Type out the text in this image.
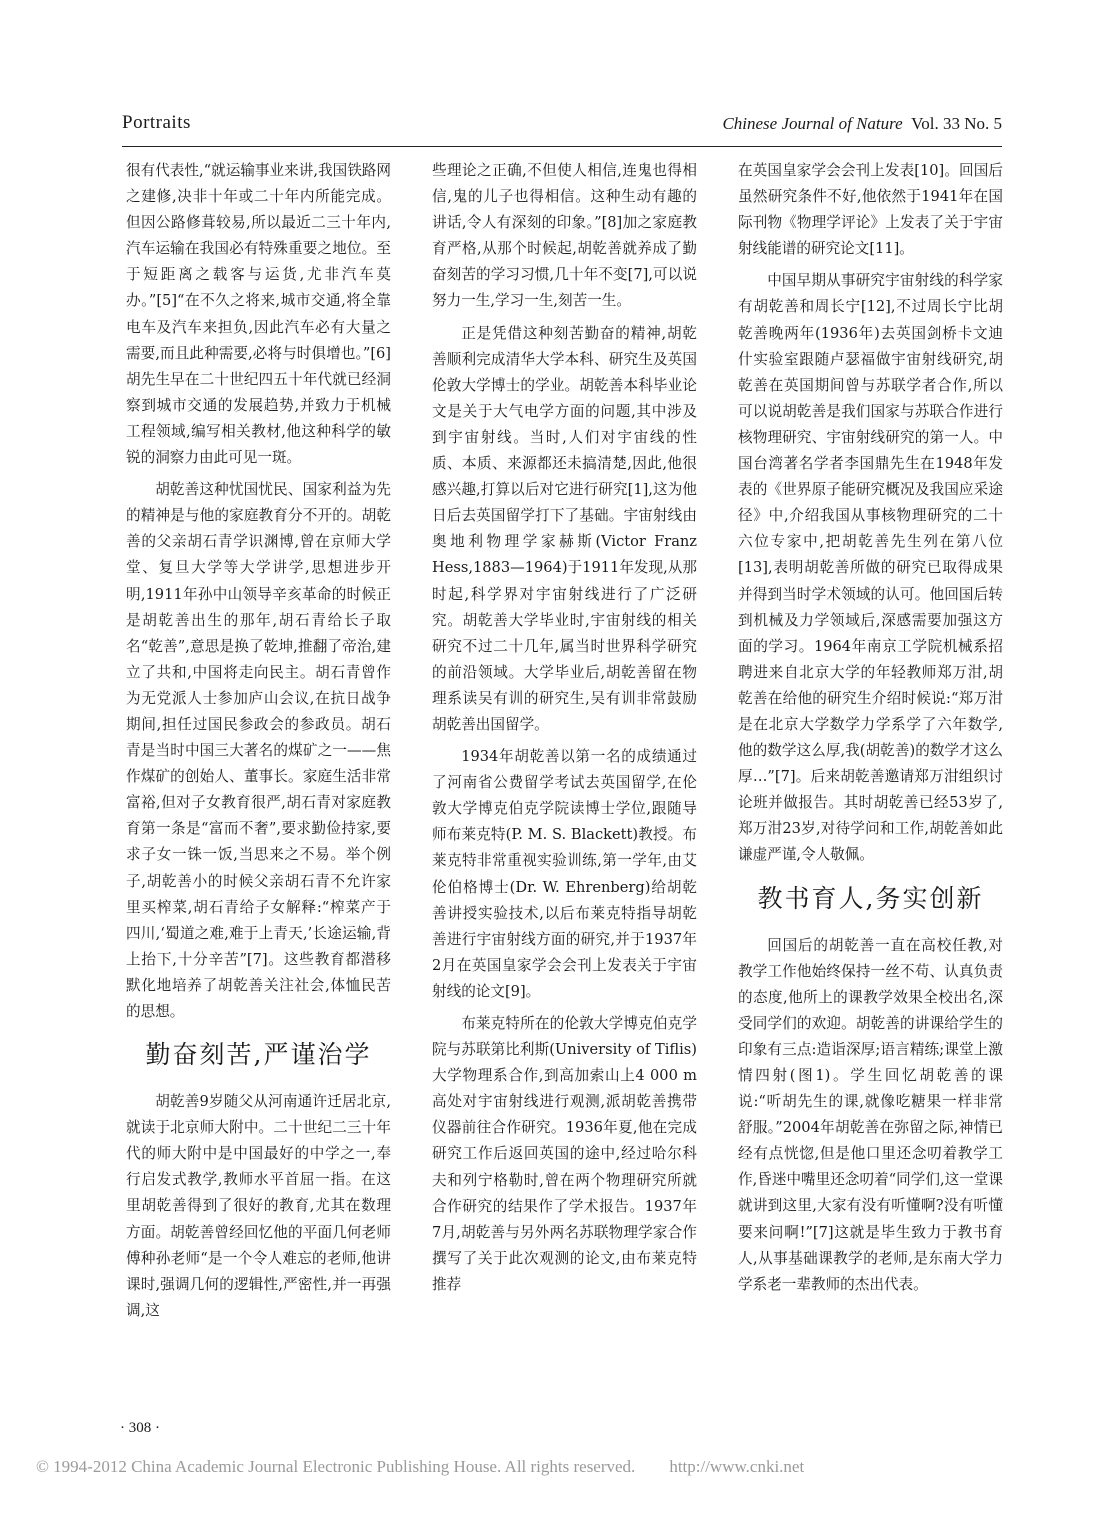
Portraits	Chinese Journal of Nature Vol. 33 No. 5

很有代表性,“就运输事业来讲,我国铁路网之建修,决非十年或二十年内所能完成。但因公路修葺较易,所以最近二三十年内,汽车运输在我国必有特殊重要之地位。至于短距离之载客与运货,尤非汽车莫办。”[5]“在不久之将来,城市交通,将全靠电车及汽车来担负,因此汽车必有大量之需要,而且此种需要,必将与时俱增也。”[6]胡先生早在二十世纪四五十年代就已经洞察到城市交通的发展趋势,并致力于机械工程领域,编写相关教材,他这种科学的敏锐的洞察力由此可见一斑。

胡乾善这种忧国忧民、国家利益为先的精神是与他的家庭教育分不开的。胡乾善的父亲胡石青学识渊博,曾在京师大学堂、复旦大学等大学讲学,思想进步开明,1911年孙中山领导辛亥革命的时候正是胡乾善出生的那年,胡石青给长子取名“乾善”,意思是换了乾坤,推翻了帝治,建立了共和,中国将走向民主。胡石青曾作为无党派人士参加庐山会议,在抗日战争期间,担任过国民参政会的参政员。胡石青是当时中国三大著名的煤矿之一——焦作煤矿的创始人、董事长。家庭生活非常富裕,但对子女教育很严,胡石青对家庭教育第一条是“富而不奢”,要求勤俭持家,要求子女一铢一饭,当思来之不易。举个例子,胡乾善小的时候父亲胡石青不允许家里买榨菜,胡石青给子女解释:“榨菜产于四川,‘蜀道之难,难于上青天,’长途运输,背上抬下,十分辛苦”[7]。这些教育都潜移默化地培养了胡乾善关注社会,体恤民苦的思想。

勤奋刻苦,严谨治学

胡乾善9岁随父从河南通许迁居北京,就读于北京师大附中。二十世纪二三十年代的师大附中是中国最好的中学之一,奉行启发式教学,教师水平首屈一指。在这里胡乾善得到了很好的教育,尤其在数理方面。胡乾善曾经回忆他的平面几何老师傅种孙老师“是一个令人难忘的老师,他讲课时,强调几何的逻辑性,严密性,并一再强调,这

些理论之正确,不但使人相信,连鬼也得相信,鬼的儿子也得相信。这种生动有趣的讲话,令人有深刻的印象。”[8]加之家庭教育严格,从那个时候起,胡乾善就养成了勤奋刻苦的学习习惯,几十年不变[7],可以说努力一生,学习一生,刻苦一生。

正是凭借这种刻苦勤奋的精神,胡乾善顺利完成清华大学本科、研究生及英国伦敦大学博士的学业。胡乾善本科毕业论文是关于大气电学方面的问题,其中涉及到宇宙射线。当时,人们对宇宙线的性质、本质、来源都还未搞清楚,因此,他很感兴趣,打算以后对它进行研究[1],这为他日后去英国留学打下了基础。宇宙射线由奥地利物理学家赫斯(Victor Franz Hess,1883—1964)于1911年发现,从那时起,科学界对宇宙射线进行了广泛研究。胡乾善大学毕业时,宇宙射线的相关研究不过二十几年,属当时世界科学研究的前沿领域。大学毕业后,胡乾善留在物理系读吴有训的研究生,吴有训非常鼓励胡乾善出国留学。

1934年胡乾善以第一名的成绩通过了河南省公费留学考试去英国留学,在伦敦大学博克伯克学院读博士学位,跟随导师布莱克特(P. M. S. Blackett)教授。布莱克特非常重视实验训练,第一学年,由艾伦伯格博士(Dr. W. Ehrenberg)给胡乾善讲授实验技术,以后布莱克特指导胡乾善进行宇宙射线方面的研究,并于1937年2月在英国皇家学会会刊上发表关于宇宙射线的论文[9]。

布莱克特所在的伦敦大学博克伯克学院与苏联第比利斯(University of Tiflis)大学物理系合作,到高加索山上4 000 m高处对宇宙射线进行观测,派胡乾善携带仪器前往合作研究。1936年夏,他在完成研究工作后返回英国的途中,经过哈尔科夫和列宁格勒时,曾在两个物理研究所就合作研究的结果作了学术报告。1937年7月,胡乾善与另外两名苏联物理学家合作撰写了关于此次观测的论文,由布莱克特推荐

在英国皇家学会会刊上发表[10]。回国后虽然研究条件不好,他依然于1941年在国际刊物《物理学评论》上发表了关于宇宙射线能谱的研究论文[11]。

中国早期从事研究宇宙射线的科学家有胡乾善和周长宁[12],不过周长宁比胡乾善晚两年(1936年)去英国剑桥卡文迪什实验室跟随卢瑟福做宇宙射线研究,胡乾善在英国期间曾与苏联学者合作,所以可以说胡乾善是我们国家与苏联合作进行核物理研究、宇宙射线研究的第一人。中国台湾著名学者李国鼎先生在1948年发表的《世界原子能研究概况及我国应采途径》中,介绍我国从事核物理研究的二十六位专家中,把胡乾善先生列在第八位[13],表明胡乾善所做的研究已取得成果并得到当时学术领域的认可。他回国后转到机械及力学领域后,深感需要加强这方面的学习。1964年南京工学院机械系招聘进来自北京大学的年轻教师郑万泔,胡乾善在给他的研究生介绍时候说:“郑万泔是在北京大学数学力学系学了六年数学,他的数学这么厚,我(胡乾善)的数学才这么厚…”[7]。后来胡乾善邀请郑万泔组织讨论班并做报告。其时胡乾善已经53岁了,郑万泔23岁,对待学问和工作,胡乾善如此谦虚严谨,令人敬佩。

教书育人,务实创新

回国后的胡乾善一直在高校任教,对教学工作他始终保持一丝不苟、认真负责的态度,他所上的课教学效果全校出名,深受同学们的欢迎。胡乾善的讲课给学生的印象有三点:造诣深厚;语言精练;课堂上激情四射(图1)。学生回忆胡乾善的课说:“听胡先生的课,就像吃糖果一样非常舒服。”2004年胡乾善在弥留之际,神情已经有点恍惚,但是他口里还念叨着教学工作,昏迷中嘴里还念叨着“同学们,这一堂课就讲到这里,大家有没有听懂啊?没有听懂要来问啊!”[7]这就是毕生致力于教书育人,从事基础课教学的老师,是东南大学力学系老一辈教师的杰出代表。

· 308 ·
© 1994-2012 China Academic Journal Electronic Publishing House. All rights reserved. http://www.cnki.net
